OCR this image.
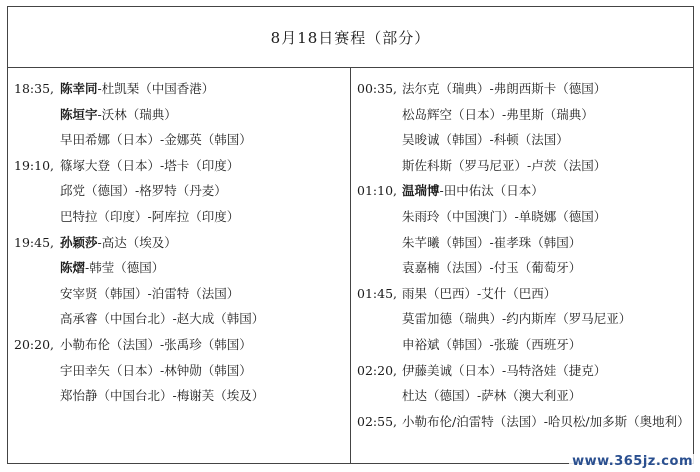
8月18日赛程（部分）
18:35, 陈幸同-杜凯琹（中国香港）
陈垣宇-沃林（瑞典）
早田希娜（日本）-金娜英（韩国）
19:10, 篠塚大登（日本）-塔卡（印度）
邱党（德国）-格罗特（丹麦）
巴特拉（印度）-阿库拉（印度）
19:45, 孙颖莎-高达（埃及）
陈熠-韩莹（德国）
安宰贤（韩国）-泊雷特（法国）
高承睿（中国台北）-赵大成（韩国）
20:20, 小勒布伦（法国）-张禹珍（韩国）
宇田幸矢（日本）-林钟勋（韩国）
郑怡静（中国台北）-梅谢芙（埃及）
00:35, 法尔克（瑞典）-弗朗西斯卡（德国）
松岛辉空（日本）-弗里斯（瑞典）
吴晙诚（韩国）-科顿（法国）
斯佐科斯（罗马尼亚）-卢茨（法国）
01:10, 温瑞博-田中佑汰（日本）
朱雨玲（中国澳门）-单晓娜（德国）
朱芊曦（韩国）-崔孝珠（韩国）
袁嘉楠（法国）-付玉（葡萄牙）
01:45, 雨果（巴西）-艾什（巴西）
莫雷加德（瑞典）-约内斯库（罗马尼亚）
申裕斌（韩国）-张璇（西班牙）
02:20, 伊藤美诚（日本）-马特洛娃（捷克）
杜达（德国）-萨林（澳大利亚）
02:55, 小勒布伦/泊雷特（法国）-哈贝松/加多斯（奥地利）
www.365jz.com
